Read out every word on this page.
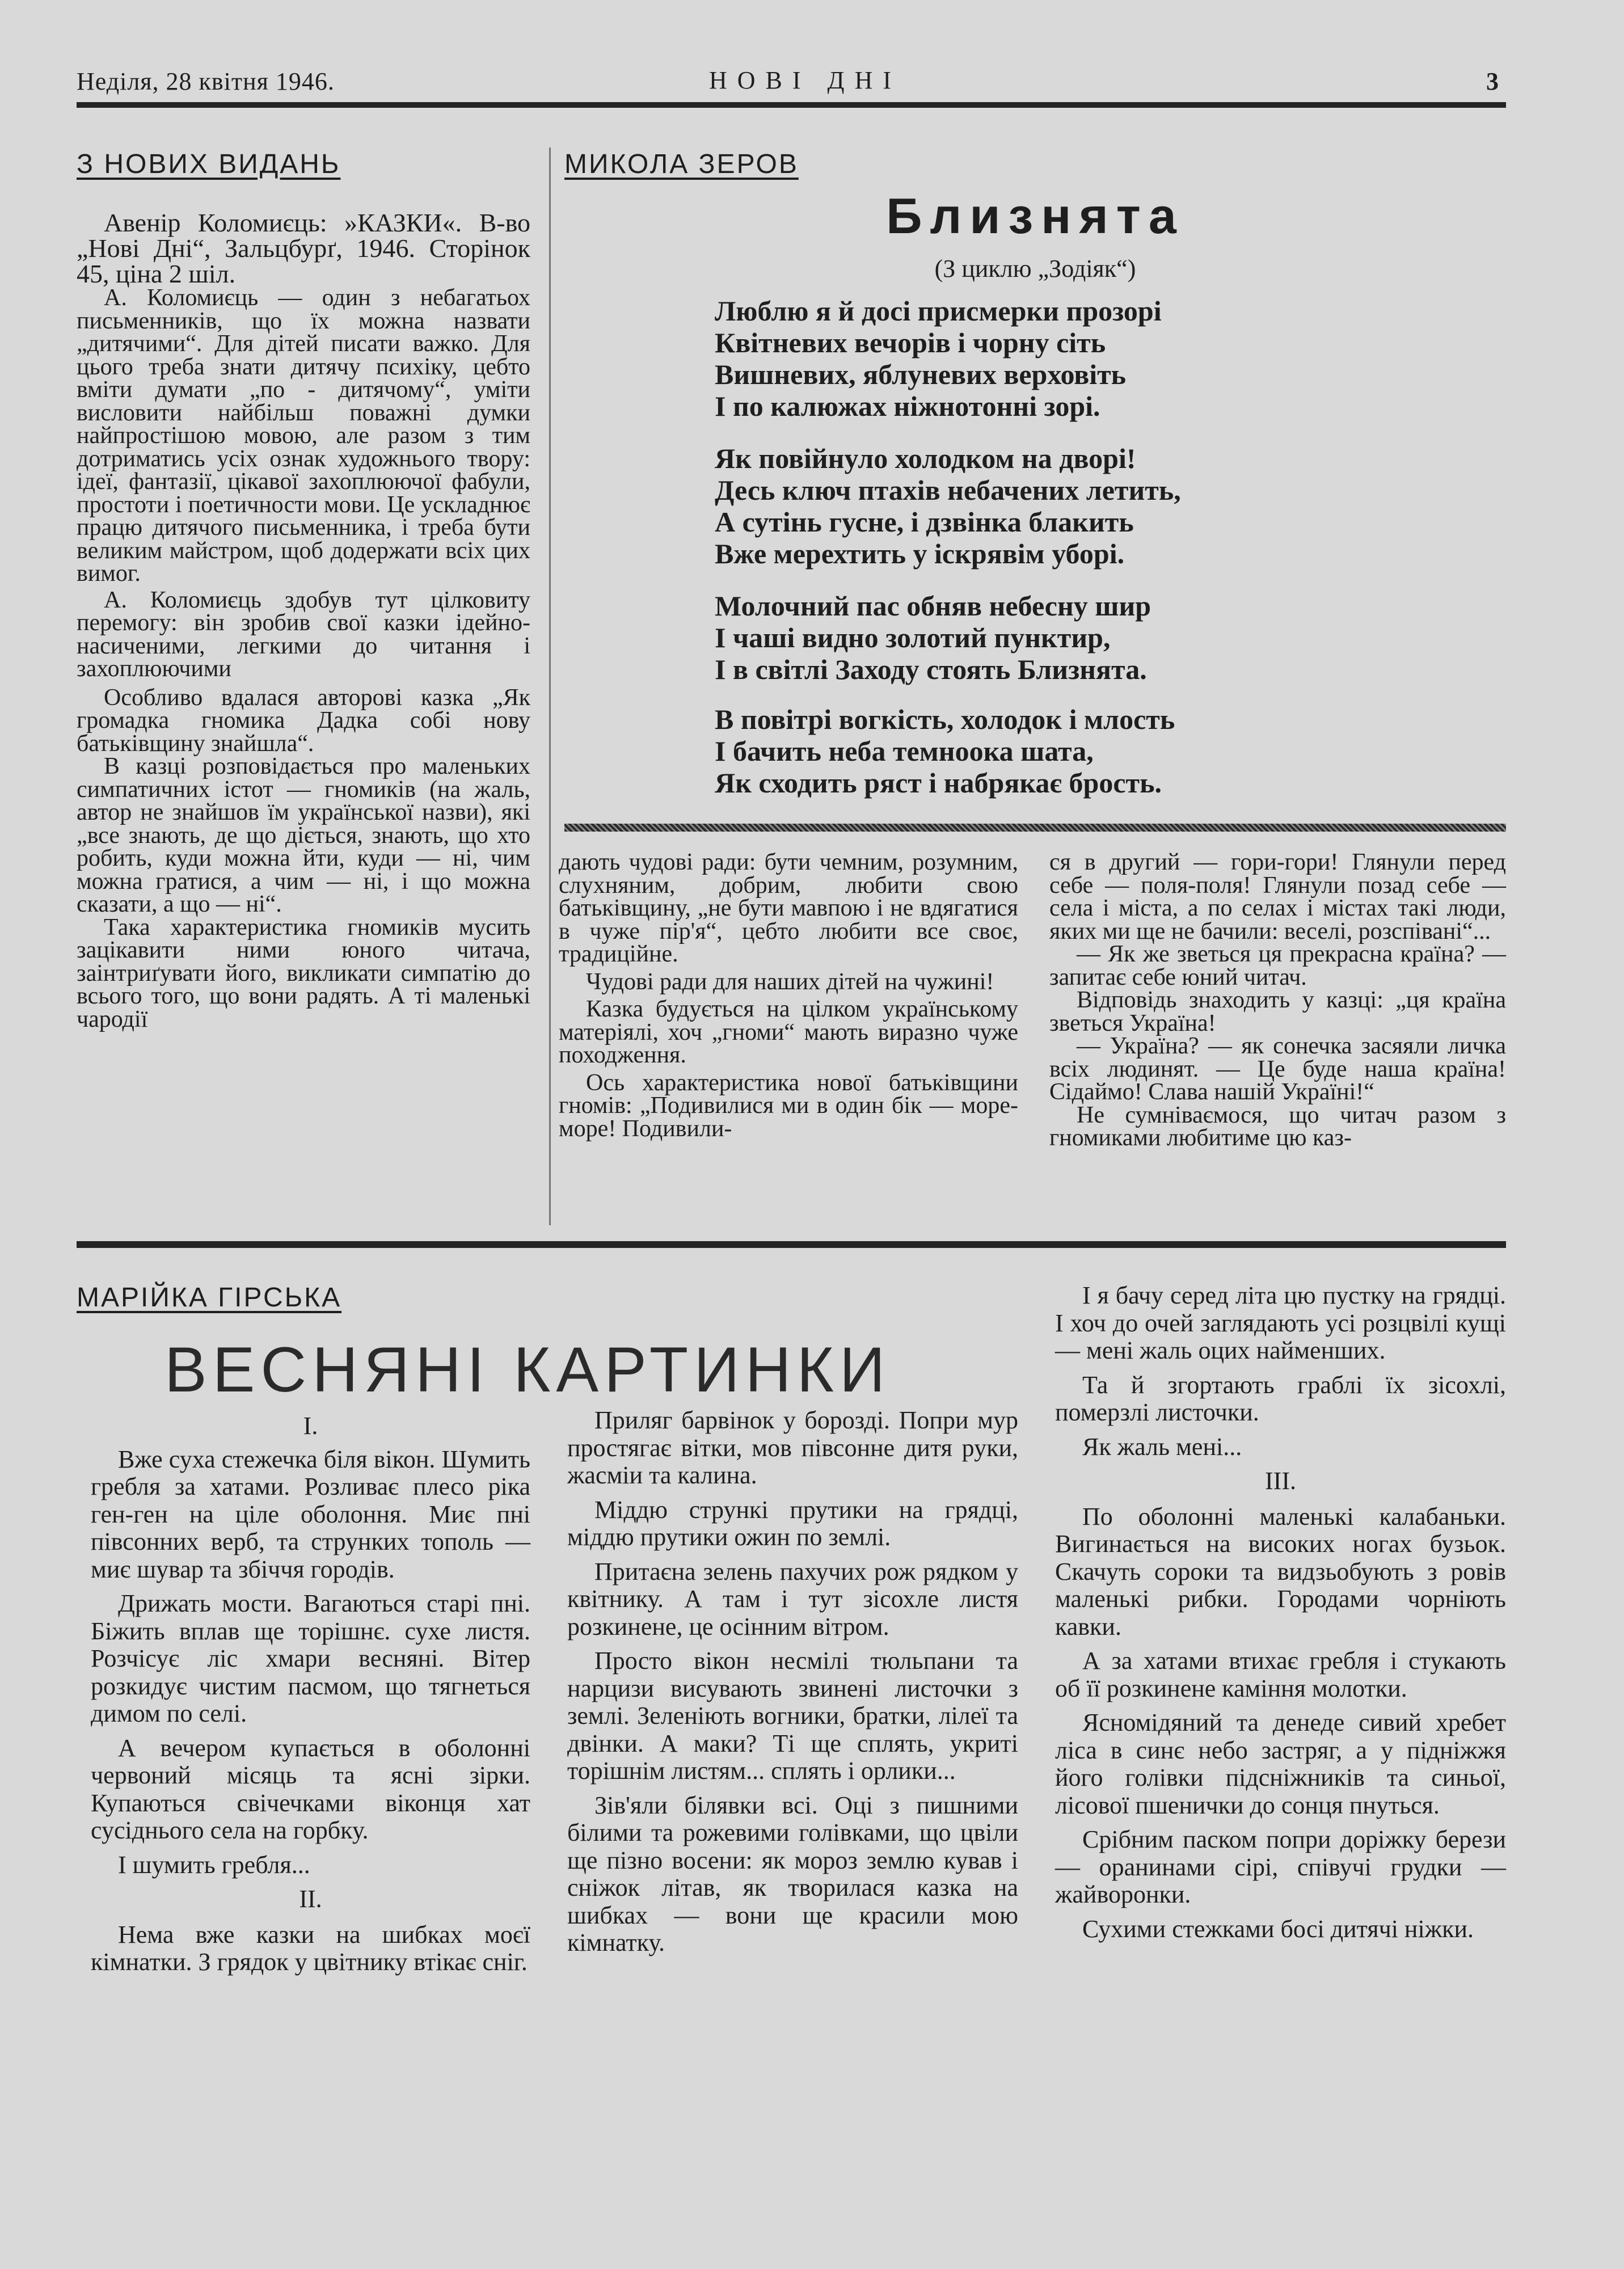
Неділя, 28 квітня 1946.	НОВІ ДНІ	3
З НОВИХ ВИДАНЬ

Авенір Коломиєць: »КАЗКИ«. В-во „Нові Дні“, Зальцбурґ, 1946. Сторінок 45, ціна 2 шіл.

А. Коломиєць — один з небагатьох письменників, що їх можна назвати „дитячими“. Для дітей писати важко. Для цього треба знати дитячу психіку, цебто вміти думати „по - дитячому“, уміти висловити найбільш поважні думки найпростішою мовою, але разом з тим дотриматись усіх ознак художнього твору: ідеї, фантазії, цікавої захоплюючої фабули, простоти і поетичности мови. Це ускладнює працю дитячого письменника, і треба бути великим майстром, щоб додержати всіх цих вимог.

А. Коломиєць здобув тут цілковиту перемогу: він зробив свої казки ідейно-насиченими, легкими до читання і захоплюючими

Особливо вдалася авторові казка „Як громадка гномика Дадка собі нову батьківщину знайшла“.

В казці розповідається про маленьких симпатичних істот — гномиків (на жаль, автор не знайшов їм української назви), які „все знають, де що діється, знають, що хто робить, куди можна йти, куди — ні, чим можна гратися, а чим — ні, і що можна сказати, а що — ні“.

Така характеристика гномиків мусить зацікавити ними юного читача, заінтриґувати його, викликати симпатію до всього того, що вони радять. А ті маленькі чародії

МИКОЛА ЗЕРОВ
Близнята
(З циклю „Зодіяк“)

Люблю я й досі присмерки прозорі

Квітневих вечорів і чорну сіть

Вишневих, яблуневих верховіть

І по калюжах ніжнотонні зорі.

Як повійнуло холодком на дворі!

Десь ключ птахів небачених летить,

А сутінь гусне, і дзвінка блакить

Вже мерехтить у іскрявім уборі.

Молочний пас обняв небесну шир

І чаші видно золотий пунктир,

І в світлі Заходу стоять Близнята.

В повітрі вогкість, холодок і млость

І бачить неба темноока шата,

Як сходить ряст і набрякає брость.

дають чудові ради: бути чемним, розумним, слухняним, добрим, любити свою батьківщину, „не бути мавпою і не вдягатися в чуже пір'я“, цебто любити все своє, традиційне.

Чудові ради для наших дітей на чужині!

Казка будується на цілком українському матеріялі, хоч „гноми“ мають виразно чуже походження.

Ось характеристика нової батьківщини гномів: „Подивилися ми в один бік — море-море! Подивили-

ся в другий — гори-гори! Глянули перед себе — поля-поля! Глянули позад себе — села і міста, а по селах і містах такі люди, яких ми ще не бачили: веселі, розспівані“...

— Як же зветься ця прекрасна країна? — запитає себе юний читач.

Відповідь знаходить у казці: „ця країна зветься Україна!

— Україна? — як сонечка засяяли личка всіх людинят. — Це буде наша країна! Сідаймо! Слава нашій Україні!“

Не сумніваємося, що читач разом з гномиками любитиме цю каз-

МАРІЙКА ГІРСЬКА
ВЕСНЯНІ КАРТИНКИ

I.

Вже суха стежечка біля вікон. Шумить гребля за хатами. Розливає плесо ріка ген-ген на ціле оболоння. Миє пні півсонних верб, та струнких тополь — миє шувар та збіччя городів.

Дрижать мости. Вагаються старі пні. Біжить вплав ще торішнє. сухе листя. Розчісує ліс хмари весняні. Вітер розкидує чистим пасмом, що тягнеться димом по селі.

А вечером купається в оболонні червоний місяць та ясні зірки. Купаються свічечками віконця хат сусіднього села на горбку.

І шумить гребля...

II.

Нема вже казки на шибках моєї кімнатки. З грядок у цвітнику втікає сніг.

Приляг барвінок у борозді. Попри мур простягає вітки, мов півсонне дитя руки, жасміи та калина.

Міддю стрункі прутики на грядці, міддю прутики ожин по землі.

Притаєна зелень пахучих рож рядком у квітнику. А там і тут зісохле листя розкинене, це осінним вітром.

Просто вікон несмілі тюльпани та нарцизи висувають звинені листочки з землі. Зеленіють вогники, братки, лілеї та двінки. А маки? Ті ще сплять, укриті торішнім листям... сплять і орлики...

Зів'яли білявки всі. Оці з пишними білими та рожевими голівками, що цвіли ще пізно восени: як мороз землю кував і сніжок літав, як творилася казка на шибках — вони ще красили мою кімнатку.

І я бачу серед літа цю пустку на грядці. І хоч до очей заглядають усі розцвілі кущі — мені жаль оцих найменших.

Та й згортають граблі їх зісохлі, померзлі листочки.

Як жаль мені...

III.

По оболонні маленькі калабаньки. Вигинається на високих ногах бузьок. Скачуть сороки та видзьобують з ровів маленькі рибки. Городами чорніють кавки.

А за хатами втихає гребля і стукають об її розкинене каміння молотки.

Ясномідяний та денеде сивий хребет ліса в синє небо застряг, а у підніжжя його голівки підсніжників та синьої, лісової пшенички до сонця пнуться.

Срібним паском попри доріжку берези — оранинами сірі, співучі грудки — жайворонки.

Сухими стежками босі дитячі ніжки.
